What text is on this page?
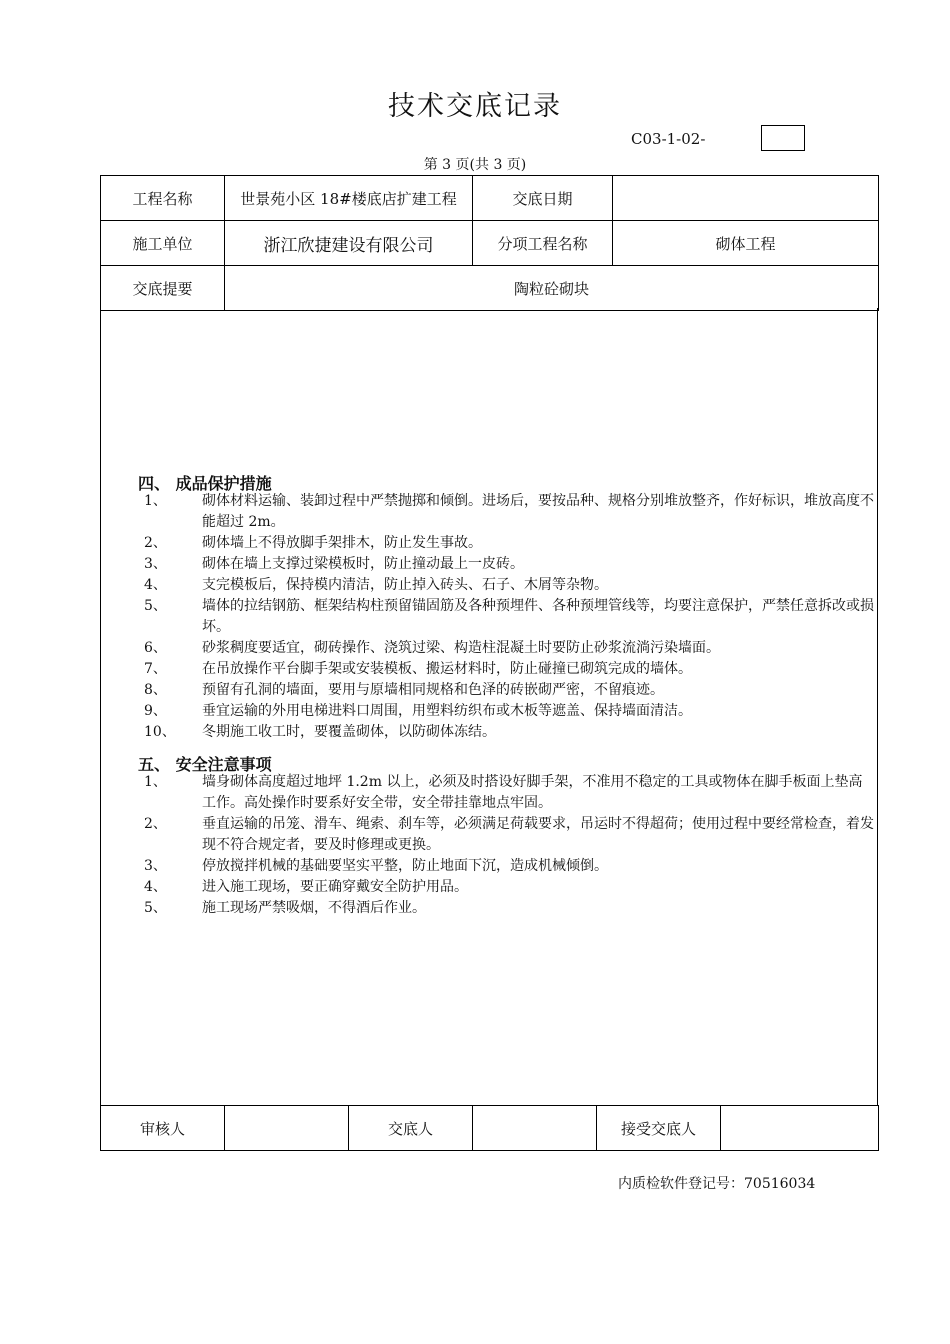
技术交底记录
C03-1-02-
第 3 页(共 3 页)
工程名称	世景苑小区 18#楼底店扩建工程	交底日期	
施工单位	浙江欣捷建设有限公司	分项工程名称	砌体工程
交底提要	陶粒砼砌块		
四、 成品保护措施
1、	砌体材料运输、装卸过程中严禁抛掷和倾倒。进场后，要按品种、规格分别堆放整齐，作好标识，堆放高度不能超过 2m。
2、	砌体墙上不得放脚手架排木，防止发生事故。
3、	砌体在墙上支撑过梁模板时，防止撞动最上一皮砖。
4、	支完模板后，保持模内清洁，防止掉入砖头、石子、木屑等杂物。
5、	墙体的拉结钢筋、框架结构柱预留锚固筋及各种预埋件、各种预埋管线等，均要注意保护，严禁任意拆改或损坏。
6、	砂浆稠度要适宜，砌砖操作、浇筑过梁、构造柱混凝土时要防止砂浆流淌污染墙面。
7、	在吊放操作平台脚手架或安装模板、搬运材料时，防止碰撞已砌筑完成的墙体。
8、	预留有孔洞的墙面，要用与原墙相同规格和色泽的砖嵌砌严密，不留痕迹。
9、	垂宜运输的外用电梯进料口周围，用塑料纺织布或木板等遮盖、保持墙面清洁。
10、 冬期施工收工时，要覆盖砌体，以防砌体冻结。
五、 安全注意事项
1、	墙身砌体高度超过地坪 1.2m 以上，必须及时搭设好脚手架，不准用不稳定的工具或物体在脚手板面上垫高工作。高处操作时要系好安全带，安全带挂靠地点牢固。
2、	垂直运输的吊笼、滑车、绳索、刹车等，必须满足荷载要求，吊运时不得超荷；使用过程中要经常检查，着发现不符合规定者，要及时修理或更换。
3、	停放搅拌机械的基础要坚实平整，防止地面下沉，造成机械倾倒。
4、	进入施工现场，要正确穿戴安全防护用品。
5、	施工现场严禁吸烟，不得酒后作业。
审核人		交底人		接受交底人	
内质检软件登记号：70516034
